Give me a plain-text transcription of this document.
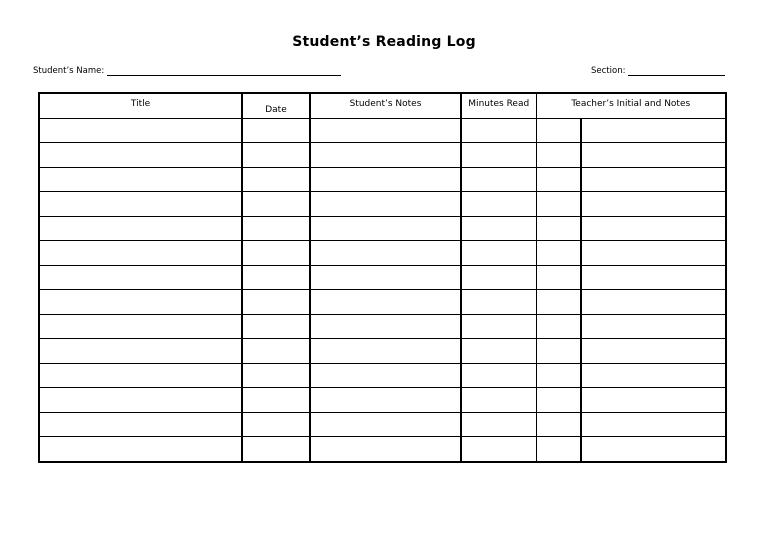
Student’s Reading Log
Student’s Name:	Section:
Title	Date	Student’s Notes	Minutes Read	Teacher’s Initial and Notes	
